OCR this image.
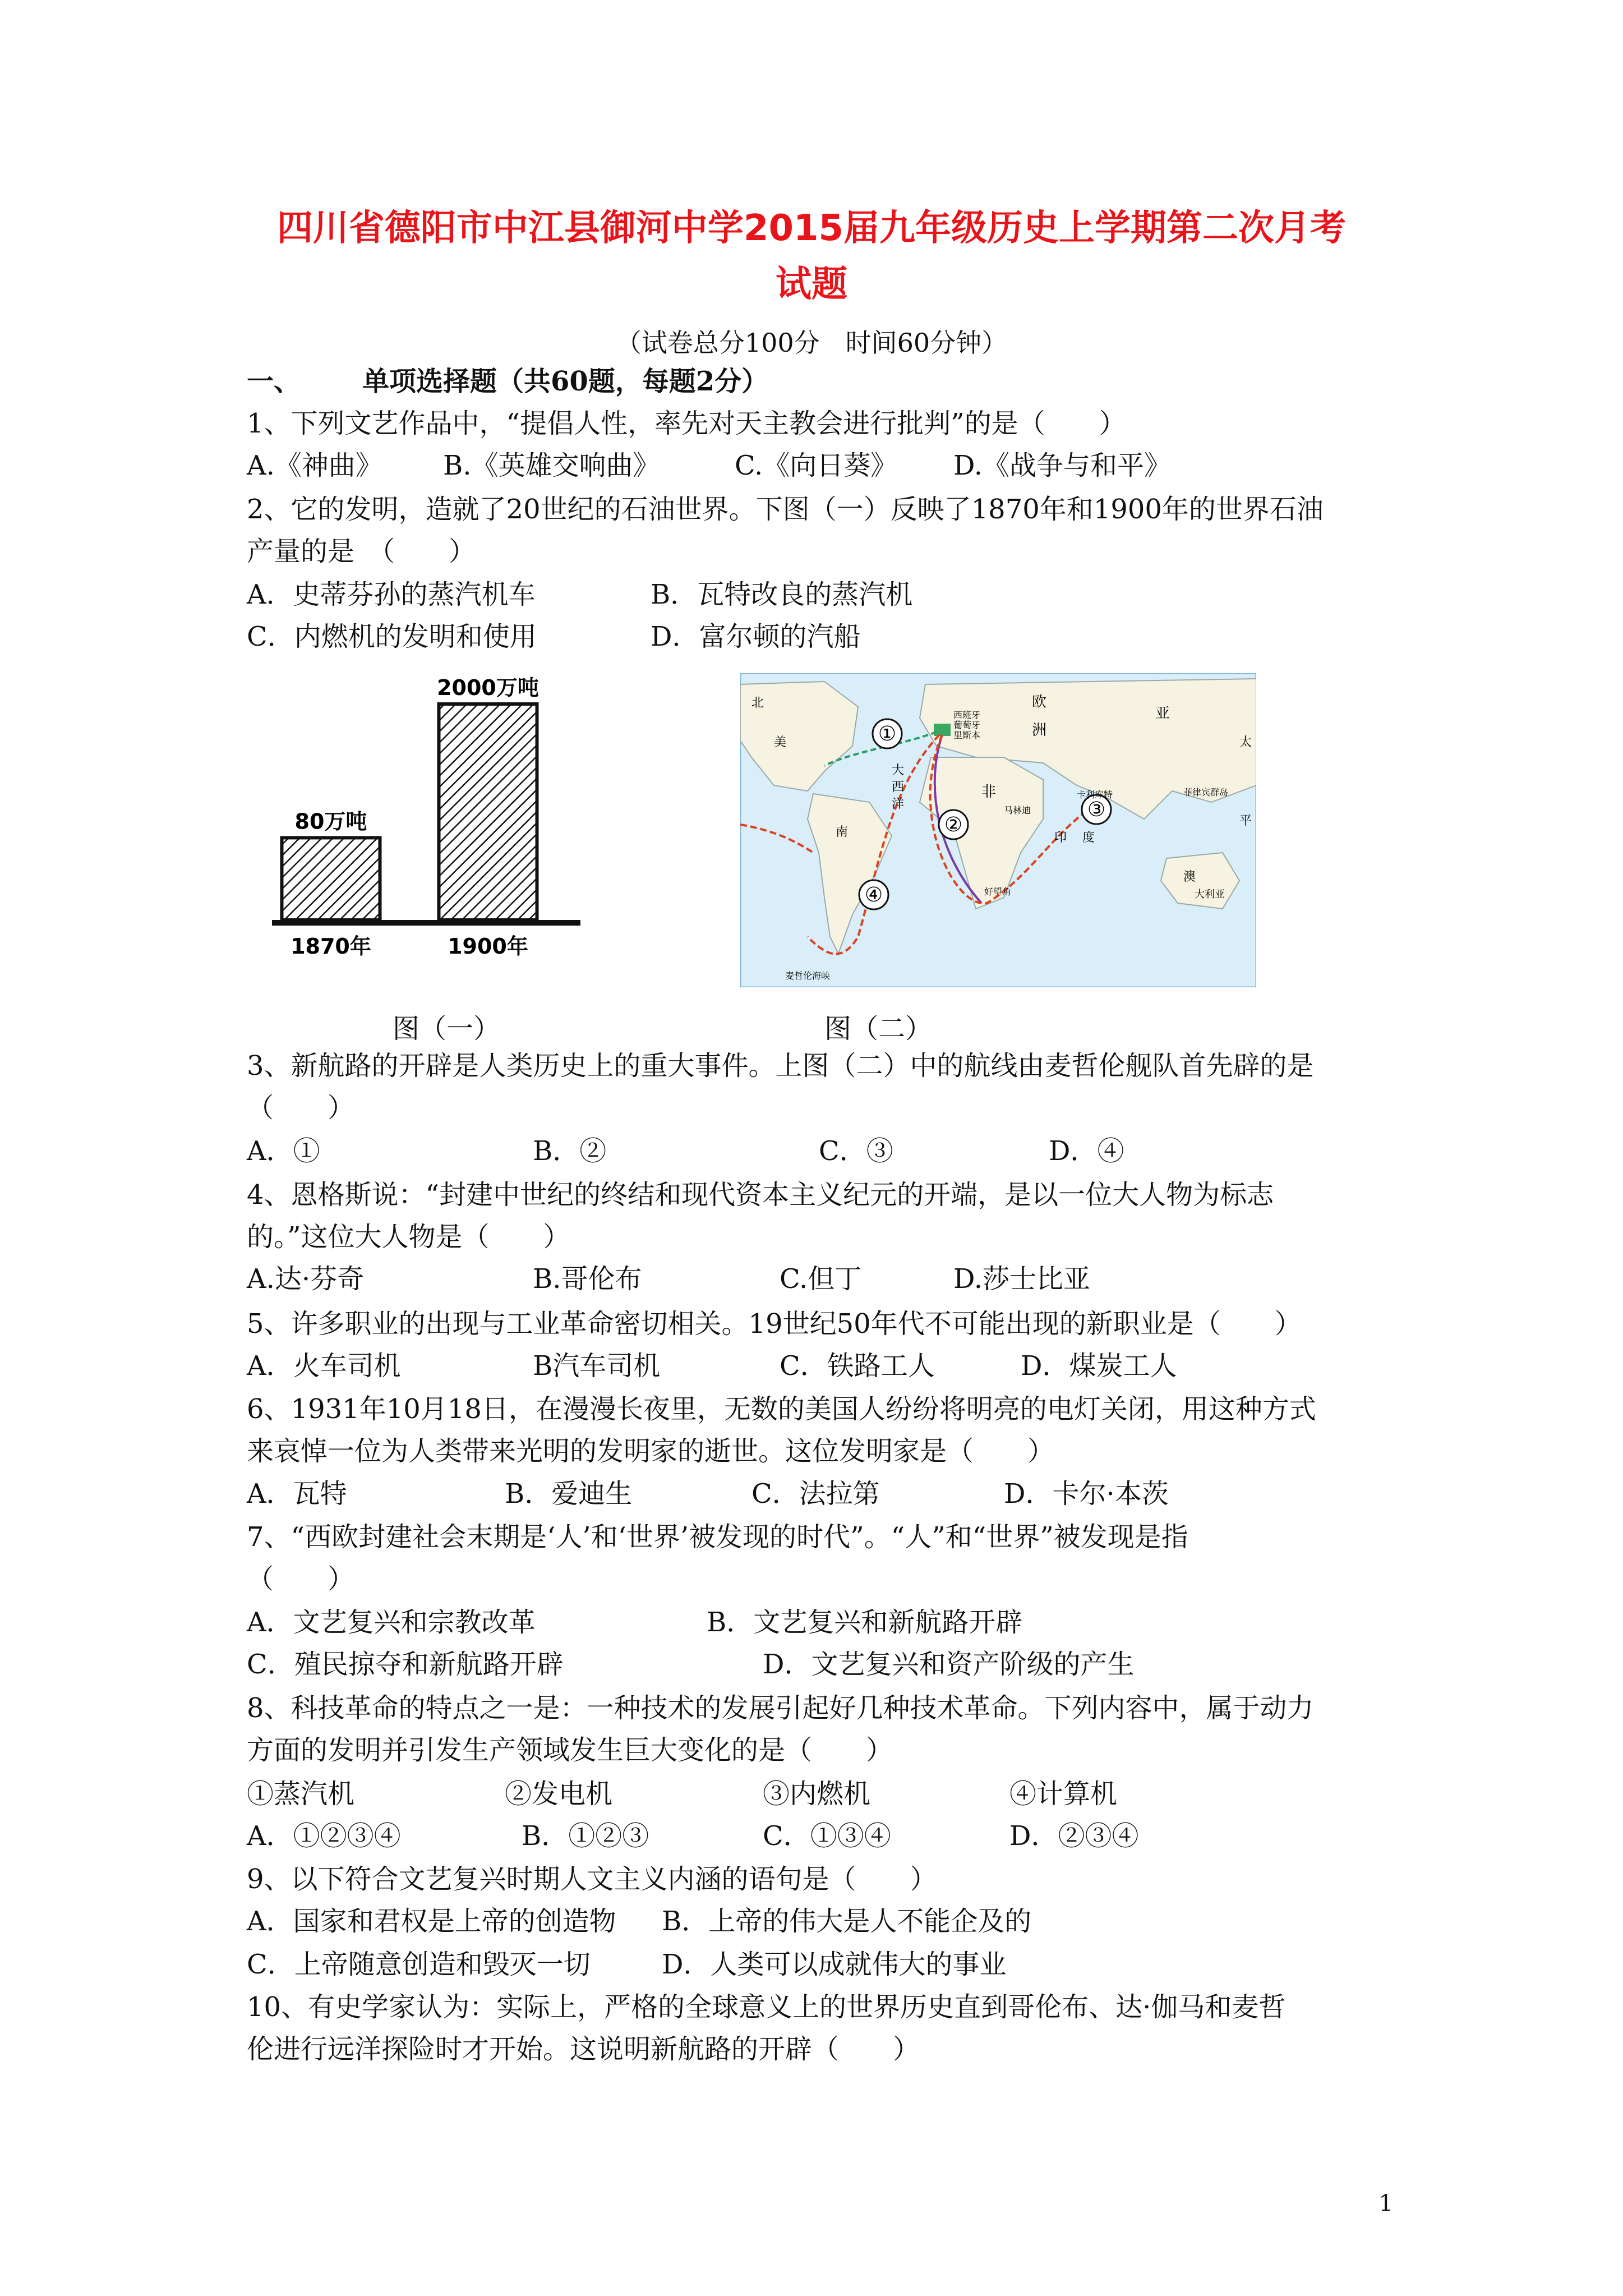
四川省德阳市中江县御河中学2015届九年级历史上学期第二次月考
试题
（试卷总分100分　时间60分钟）
一、 单项选择题（共60题，每题2分）
1、下列文艺作品中，“提倡人性，率先对天主教会进行批判”的是（　　）
A.《神曲》 B.《英雄交响曲》	C.《向日葵》 D.《战争与和平》
2、它的发明，造就了20世纪的石油世界。下图（一）反映了1870年和1900年的世界石油
产量的是　（　　）
A．史蒂芬孙的蒸汽机车	B．瓦特改良的蒸汽机
C．内燃机的发明和使用	D．富尔顿的汽船
80万吨
2000万吨
1870年	1900年
①
②
③
④
西班牙
葡萄牙
里斯本
马林迪
卡利库特
好望角
麦哲伦海峡
菲律宾群岛
亚
欧
洲
非
北
南
大
西
洋
印 度
太
平
美
澳
大利亚
图（一）	图（二）
3、新航路的开辟是人类历史上的重大事件。上图（二）中的航线由麦哲伦舰队首先辟的是
（　　）
A．①	B．②	C．③	D．④
4、恩格斯说：“封建中世纪的终结和现代资本主义纪元的开端，是以一位大人物为标志
的。”这位大人物是（　　）
A.达·芬奇	B.哥伦布	C.但丁	D.莎士比亚
5、许多职业的出现与工业革命密切相关。19世纪50年代不可能出现的新职业是（　　）
A．火车司机	B汽车司机	C．铁路工人	D．煤炭工人
6、1931年10月18日，在漫漫长夜里，无数的美国人纷纷将明亮的电灯关闭，用这种方式
来哀悼一位为人类带来光明的发明家的逝世。这位发明家是（　　）
A．瓦特	B．爱迪生	C．法拉第	D．卡尔·本茨
7、“西欧封建社会末期是‘人’和‘世界’被发现的时代”。“人”和“世界”被发现是指
（　　）
A．文艺复兴和宗教改革	B．文艺复兴和新航路开辟
C．殖民掠夺和新航路开辟	D．文艺复兴和资产阶级的产生
8、科技革命的特点之一是：一种技术的发展引起好几种技术革命。下列内容中，属于动力
方面的发明并引发生产领域发生巨大变化的是（　　）
①蒸汽机	②发电机	③内燃机	④计算机
A．①②③④	B．①②③	C．①③④	D．②③④
9、以下符合文艺复兴时期人文主义内涵的语句是（　　）
A．国家和君权是上帝的创造物 B．上帝的伟大是人不能企及的
C．上帝随意创造和毁灭一切	D．人类可以成就伟大的事业
10、有史学家认为：实际上，严格的全球意义上的世界历史直到哥伦布、达·伽马和麦哲
伦进行远洋探险时才开始。这说明新航路的开辟（　　）
1
